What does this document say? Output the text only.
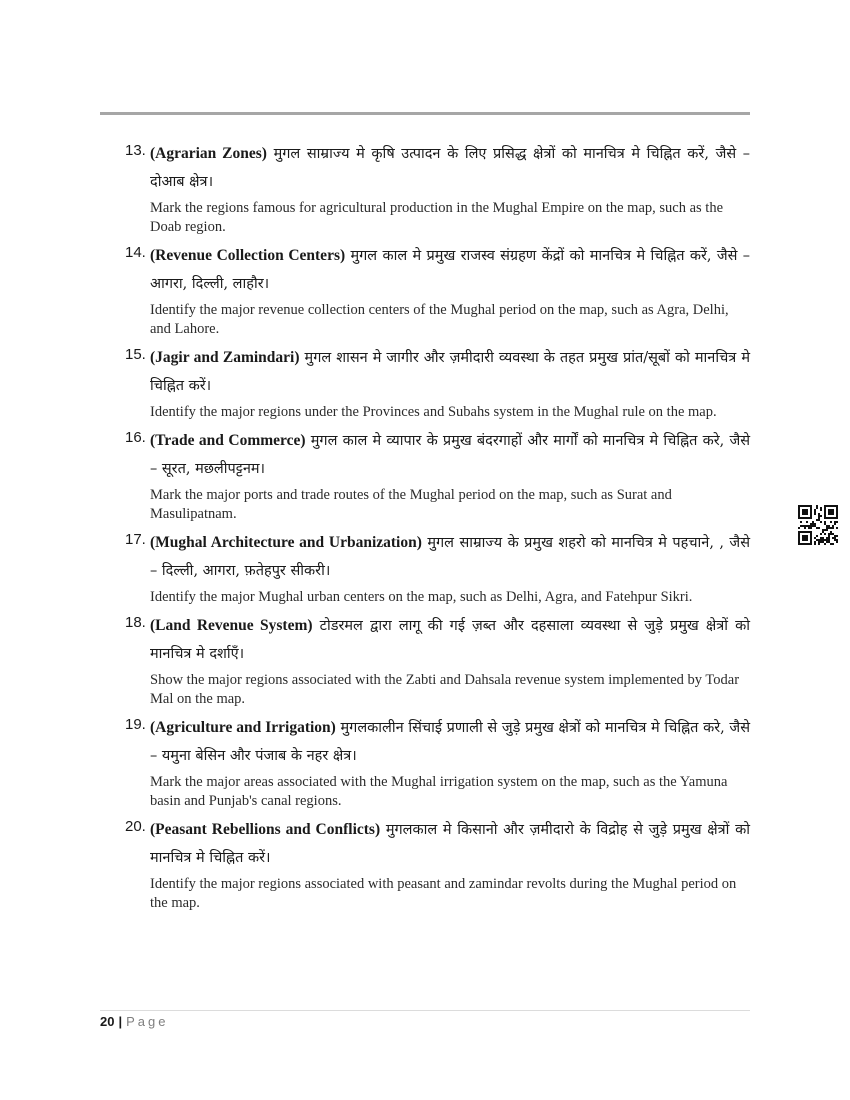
13. (Agrarian Zones) मुगल साम्राज्य मे कृषि उत्पादन के लिए प्रसिद्ध क्षेत्रों को मानचित्र मे चिह्नित करें, जैसे – दोआब क्षेत्र।
Mark the regions famous for agricultural production in the Mughal Empire on the map, such as the Doab region.
14. (Revenue Collection Centers) मुगल काल मे प्रमुख राजस्व संग्रहण केंद्रों को मानचित्र मे चिह्नित करें, जैसे – आगरा, दिल्ली, लाहौर।
Identify the major revenue collection centers of the Mughal period on the map, such as Agra, Delhi, and Lahore.
15. (Jagir and Zamindari) मुगल शासन मे जागीर और ज़मीदारी व्यवस्था के तहत प्रमुख प्रांत/सूबों को मानचित्र मे चिह्नित करें।
Identify the major regions under the Provinces and Subahs system in the Mughal rule on the map.
16. (Trade and Commerce) मुगल काल मे व्यापार के प्रमुख बंदरगाहों और मार्गों को मानचित्र मे चिह्नित करे, जैसे – सूरत, मछलीपट्टनम।
Mark the major ports and trade routes of the Mughal period on the map, such as Surat and Masulipatnam.
17. (Mughal Architecture and Urbanization) मुगल साम्राज्य के प्रमुख शहरो को मानचित्र मे पहचाने, , जैसे – दिल्ली, आगरा, फ़तेहपुर सीकरी।
Identify the major Mughal urban centers on the map, such as Delhi, Agra, and Fatehpur Sikri.
18. (Land Revenue System) टोडरमल द्वारा लागू की गई ज़ब्त और दहसाला व्यवस्था से जुड़े प्रमुख क्षेत्रों को मानचित्र मे दर्शाएँ।
Show the major regions associated with the Zabti and Dahsala revenue system implemented by Todar Mal on the map.
19. (Agriculture and Irrigation) मुगलकालीन सिंचाई प्रणाली से जुड़े प्रमुख क्षेत्रों को मानचित्र मे चिह्नित करे, जैसे – यमुना बेसिन और पंजाब के नहर क्षेत्र।
Mark the major areas associated with the Mughal irrigation system on the map, such as the Yamuna basin and Punjab's canal regions.
20. (Peasant Rebellions and Conflicts) मुगलकाल मे किसानो और ज़मीदारो के विद्रोह से जुड़े प्रमुख क्षेत्रों को मानचित्र मे चिह्नित करें।
Identify the major regions associated with peasant and zamindar revolts during the Mughal period on the map.
20 | Page
